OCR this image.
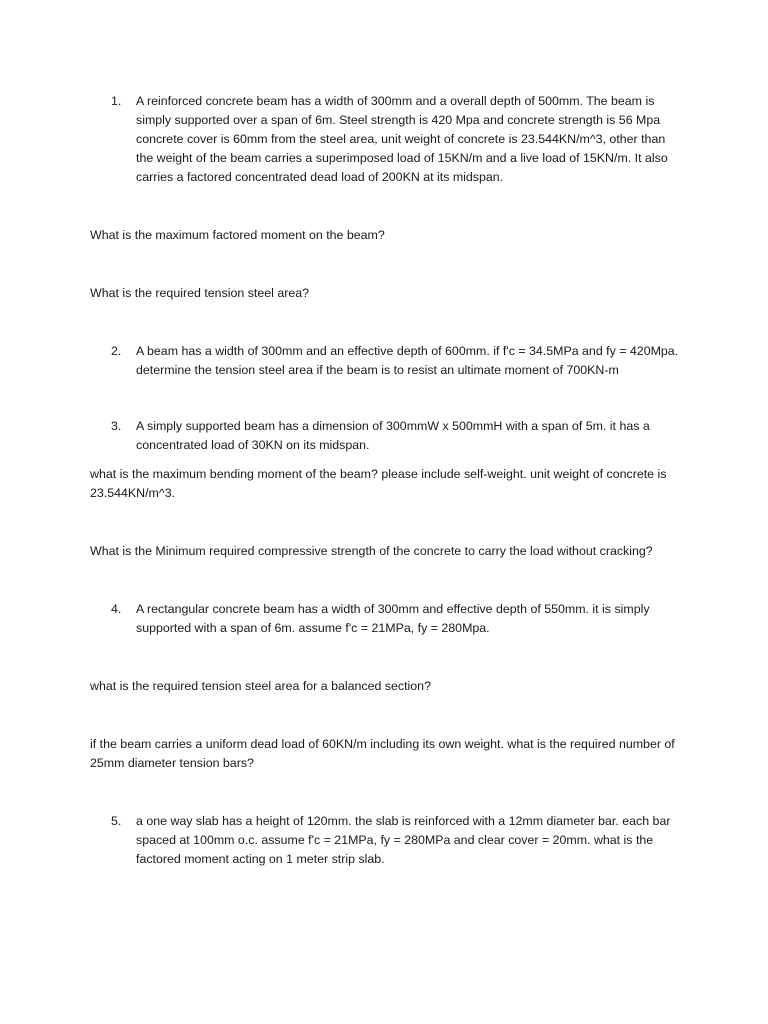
1.	A reinforced concrete beam has a width of 300mm and a overall depth of 500mm. The beam is simply supported over a span of 6m. Steel strength is 420 Mpa and concrete strength is 56 Mpa concrete cover is 60mm from the steel area, unit weight of concrete is 23.544KN/m^3, other than the weight of the beam carries a superimposed load of 15KN/m and a live load of 15KN/m. It also carries a factored concentrated dead load of 200KN at its midspan.
What is the maximum factored moment on the beam?
What is the required tension steel area?
2.	A beam has a width of 300mm and an effective depth of 600mm. if f'c = 34.5MPa and fy = 420Mpa. determine the tension steel area if the beam is to resist an ultimate moment of 700KN-m
3.	A simply supported beam has a dimension of 300mmW x 500mmH with a span of 5m. it has a concentrated load of 30KN on its midspan.
what is the maximum bending moment of the beam? please include self-weight. unit weight of concrete is 23.544KN/m^3.
What is the Minimum required compressive strength of the concrete to carry the load without cracking?
4.	A rectangular concrete beam has a width of 300mm and effective depth of 550mm. it is simply supported with a span of 6m. assume f'c = 21MPa, fy = 280Mpa.
what is the required tension steel area for a balanced section?
if the beam carries a uniform dead load of 60KN/m including its own weight. what is the required number of 25mm diameter tension bars?
5.	a one way slab has a height of 120mm. the slab is reinforced with a 12mm diameter bar. each bar spaced at 100mm o.c. assume f'c = 21MPa, fy = 280MPa and clear cover = 20mm. what is the factored moment acting on 1 meter strip slab.
